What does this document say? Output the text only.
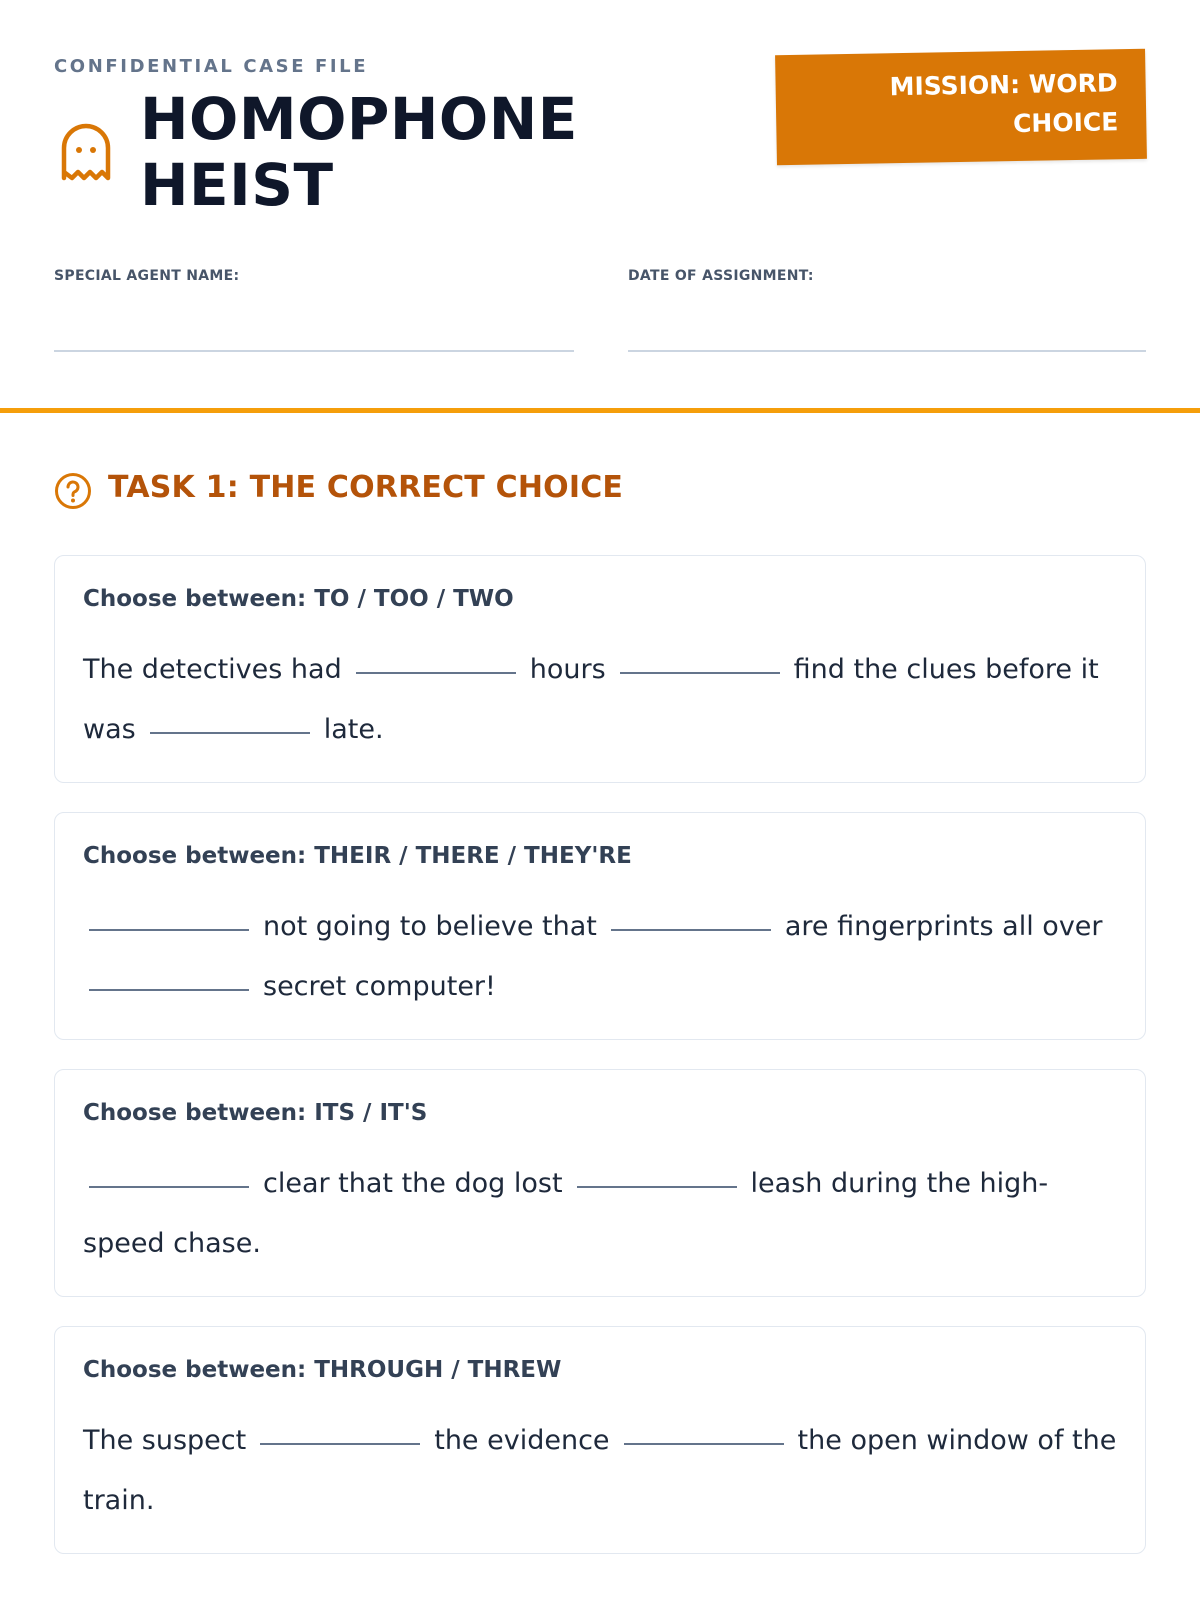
CONFIDENTIAL CASE FILE
HOMOPHONE
HEIST
MISSION: WORD
CHOICE
SPECIAL AGENT NAME:	DATE OF ASSIGNMENT:
TASK 1: THE CORRECT CHOICE
Choose between: TO / TOO / TWO
The detectives had	hours	find the clues before it was	late.
Choose between: THEIR / THERE / THEY'RE
not going to believe that	are fingerprints all over
secret computer!
Choose between: ITS / IT'S
clear that the dog lost	leash during the high-speed chase.
Choose between: THROUGH / THREW
The suspect	the evidence	the open window of the train.
